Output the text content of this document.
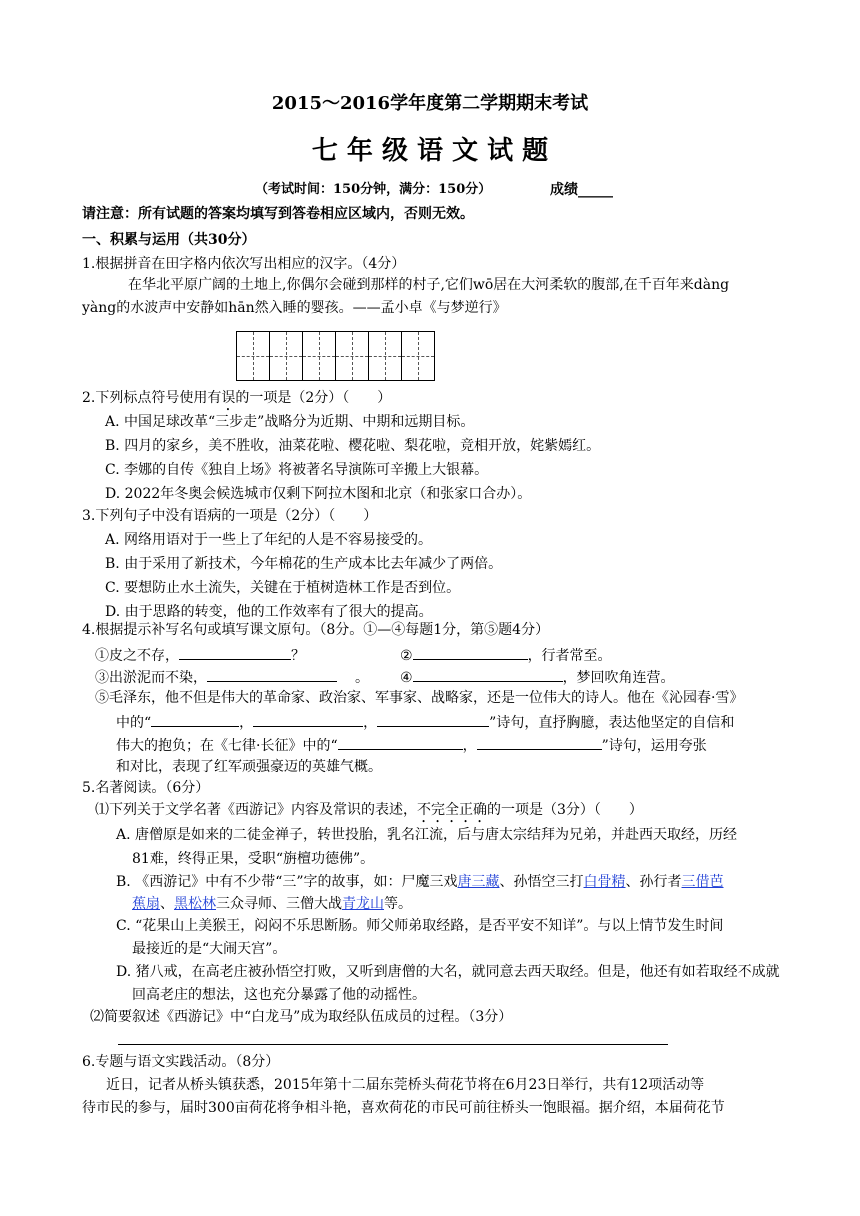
2015～2016学年度第二学期期末考试
七 年 级 语 文 试 题
（考试时间：150分钟，满分：150分）	成绩_____
请注意：所有试题的答案均填写到答卷相应区域内，否则无效。
一、积累与运用（共30分）
1.根据拼音在田字格内依次写出相应的汉字。（4分）
在华北平原广阔的土地上,你偶尔会碰到那样的村子,它们wō居在大河柔软的腹部,在千百年来dàng
yàng的水波声中安静如hān然入睡的婴孩。——孟小卓《与梦逆行》
2.下列标点符号使用有误的一项是（2分）（　　）
A. 中国足球改革“三步走”战略分为近期、中期和远期目标。
B. 四月的家乡，美不胜收，油菜花啦、樱花啦、梨花啦，竞相开放，姹紫嫣红。
C. 李娜的自传《独自上场》将被著名导演陈可辛搬上大银幕。
D. 2022年冬奥会候选城市仅剩下阿拉木图和北京（和张家口合办）。
3.下列句子中没有语病的一项是（2分）（　　）
A. 网络用语对于一些上了年纪的人是不容易接受的。
B. 由于采用了新技术，今年棉花的生产成本比去年减少了两倍。
C. 要想防止水土流失，关键在于植树造林工作是否到位。
D. 由于思路的转变，他的工作效率有了很大的提高。
4.根据提示补写名句或填写课文原句。（8分。①—④每题1分，第⑤题4分）
①皮之不存，	？	②	，行者常至。
③出淤泥而不染，	。	④	，梦回吹角连营。
⑤毛泽东，他不但是伟大的革命家、政治家、军事家、战略家，还是一位伟大的诗人。他在《沁园春·雪》
中的“	，	，	”诗句，直抒胸臆，表达他坚定的自信和
伟大的抱负；在《七律·长征》中的“	，	”诗句，运用夸张
和对比，表现了红军顽强豪迈的英雄气概。
5.名著阅读。（6分）
⑴下列关于文学名著《西游记》内容及常识的表述，不完全正确的一项是（3分）（　　）
A. 唐僧原是如来的二徒金禅子，转世投胎，乳名江流，后与唐太宗结拜为兄弟，并赴西天取经，历经
81难，终得正果，受职“旃檀功德佛”。
B. 《西游记》中有不少带“三”字的故事，如：尸魔三戏唐三藏、孙悟空三打白骨精、孙行者三借芭
蕉扇、黑松林三众寻师、三僧大战青龙山等。
C. “花果山上美猴王，闷闷不乐思断肠。师父师弟取经路，是否平安不知详”。与以上情节发生时间
最接近的是“大闹天宫”。
D. 猪八戒，在高老庄被孙悟空打败，又听到唐僧的大名，就同意去西天取经。但是，他还有如若取经不成就
回高老庄的想法，这也充分暴露了他的动摇性。
⑵简要叙述《西游记》中“白龙马”成为取经队伍成员的过程。（3分）
6.专题与语文实践活动。（8分）
近日，记者从桥头镇获悉，2015年第十二届东莞桥头荷花节将在6月23日举行，共有12项活动等
待市民的参与，届时300亩荷花将争相斗艳，喜欢荷花的市民可前往桥头一饱眼福。据介绍，本届荷花节
